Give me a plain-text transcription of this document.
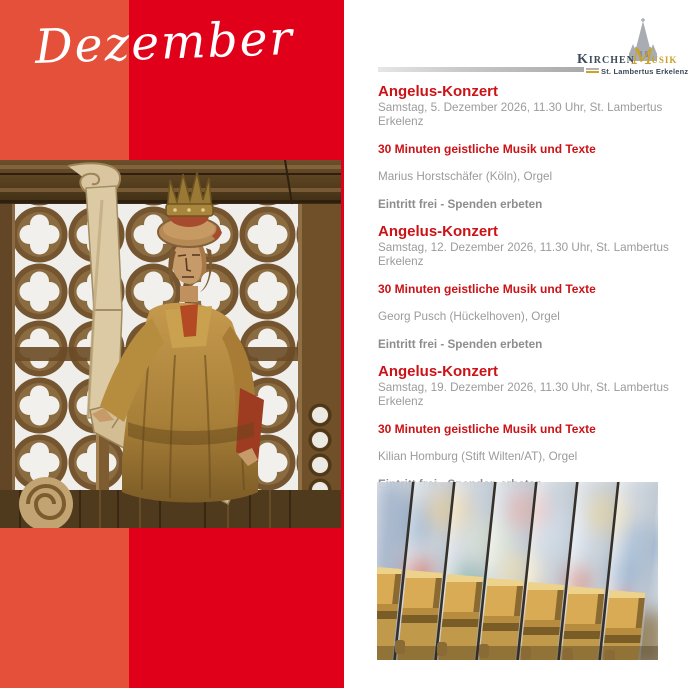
Dezember	KirchenMusik
St. Lambertus Erkelenz
Angelus-Konzert
Samstag, 5. Dezember 2026, 11.30 Uhr, St. Lambertus Erkelenz
30 Minuten geistliche Musik und Texte
Marius Horstschäfer (Köln), Orgel
Eintritt frei - Spenden erbeten
Angelus-Konzert
Samstag, 12. Dezember 2026, 11.30 Uhr, St. Lambertus Erkelenz
30 Minuten geistliche Musik und Texte
Georg Pusch (Hückelhoven), Orgel
Eintritt frei - Spenden erbeten
Angelus-Konzert
Samstag, 19. Dezember 2026, 11.30 Uhr, St. Lambertus Erkelenz
30 Minuten geistliche Musik und Texte
Kilian Homburg (Stift Wilten/AT), Orgel
